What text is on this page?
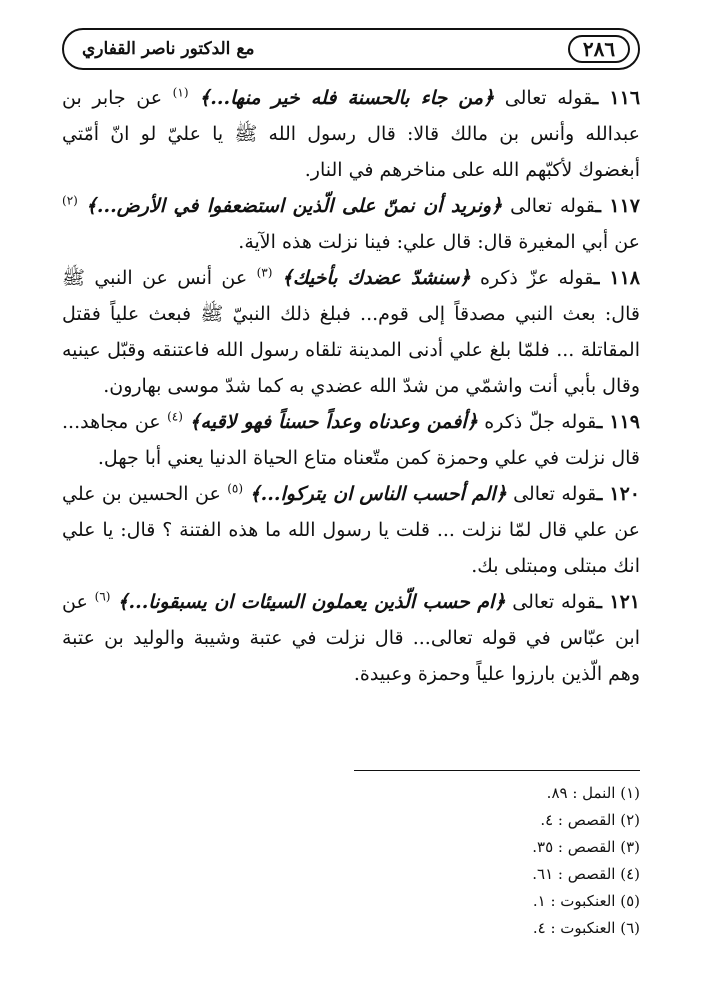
٢٨٦
مع الدكتور ناصر القفاري

١١٦ ـقوله تعالى ﴿من جاء بالحسنة فله خير منها...﴾ $^{(١)}$ عن جابر بن عبدالله وأنس بن مالك قالا: قال رسول الله ﷺ يا عليّ لو انّ أمّتي أبغضوك لأكبّهم الله على مناخرهم في النار.

١١٧ ـقوله تعالى ﴿ونريد أن نمنّ على الّذين استضعفوا في الأرض...﴾ $^{(٢)}$ عن أبي المغيرة قال: قال علي: فينا نزلت هذه الآية.

١١٨ ـقوله عزّ ذكره ﴿سنشدّ عضدك بأخيك﴾ $^{(٣)}$ عن أنس عن النبي ﷺ قال: بعث النبي مصدقاً إلى قوم... فبلغ ذلك النبيّ ﷺ فبعث علياً فقتل المقاتلة ... فلمّا بلغ علي أدنى المدينة تلقاه رسول الله فاعتنقه وقبّل عينيه وقال بأبي أنت واشمّي من شدّ الله عضدي به كما شدّ موسى بهارون.

١١٩ ـقوله جلّ ذكره ﴿أفمن وعدناه وعداً حسناً فهو لاقيه﴾ $^{(٤)}$ عن مجاهد... قال نزلت في علي وحمزة كمن متّعناه متاع الحياة الدنيا يعني أبا جهل.

١٢٠ ـقوله تعالى ﴿الم أحسب الناس ان يتركوا...﴾ $^{(٥)}$ عن الحسين بن علي عن علي قال لمّا نزلت ... قلت يا رسول الله ما هذه الفتنة ؟ قال: يا علي انك مبتلى ومبتلى بك.

١٢١ ـقوله تعالى ﴿ام حسب الّذين يعملون السيئات ان يسبقونا...﴾ $^{(٦)}$ عن ابن عبّاس في قوله تعالى... قال نزلت في عتبة وشيبة والوليد بن عتبة وهم الّذين بارزوا علياً وحمزة وعبيدة.

(١) النمل : ٨٩.
(٢) القصص : ٤.
(٣) القصص : ٣٥.
(٤) القصص : ٦١.
(٥) العنكبوت : ١.
(٦) العنكبوت : ٤.
